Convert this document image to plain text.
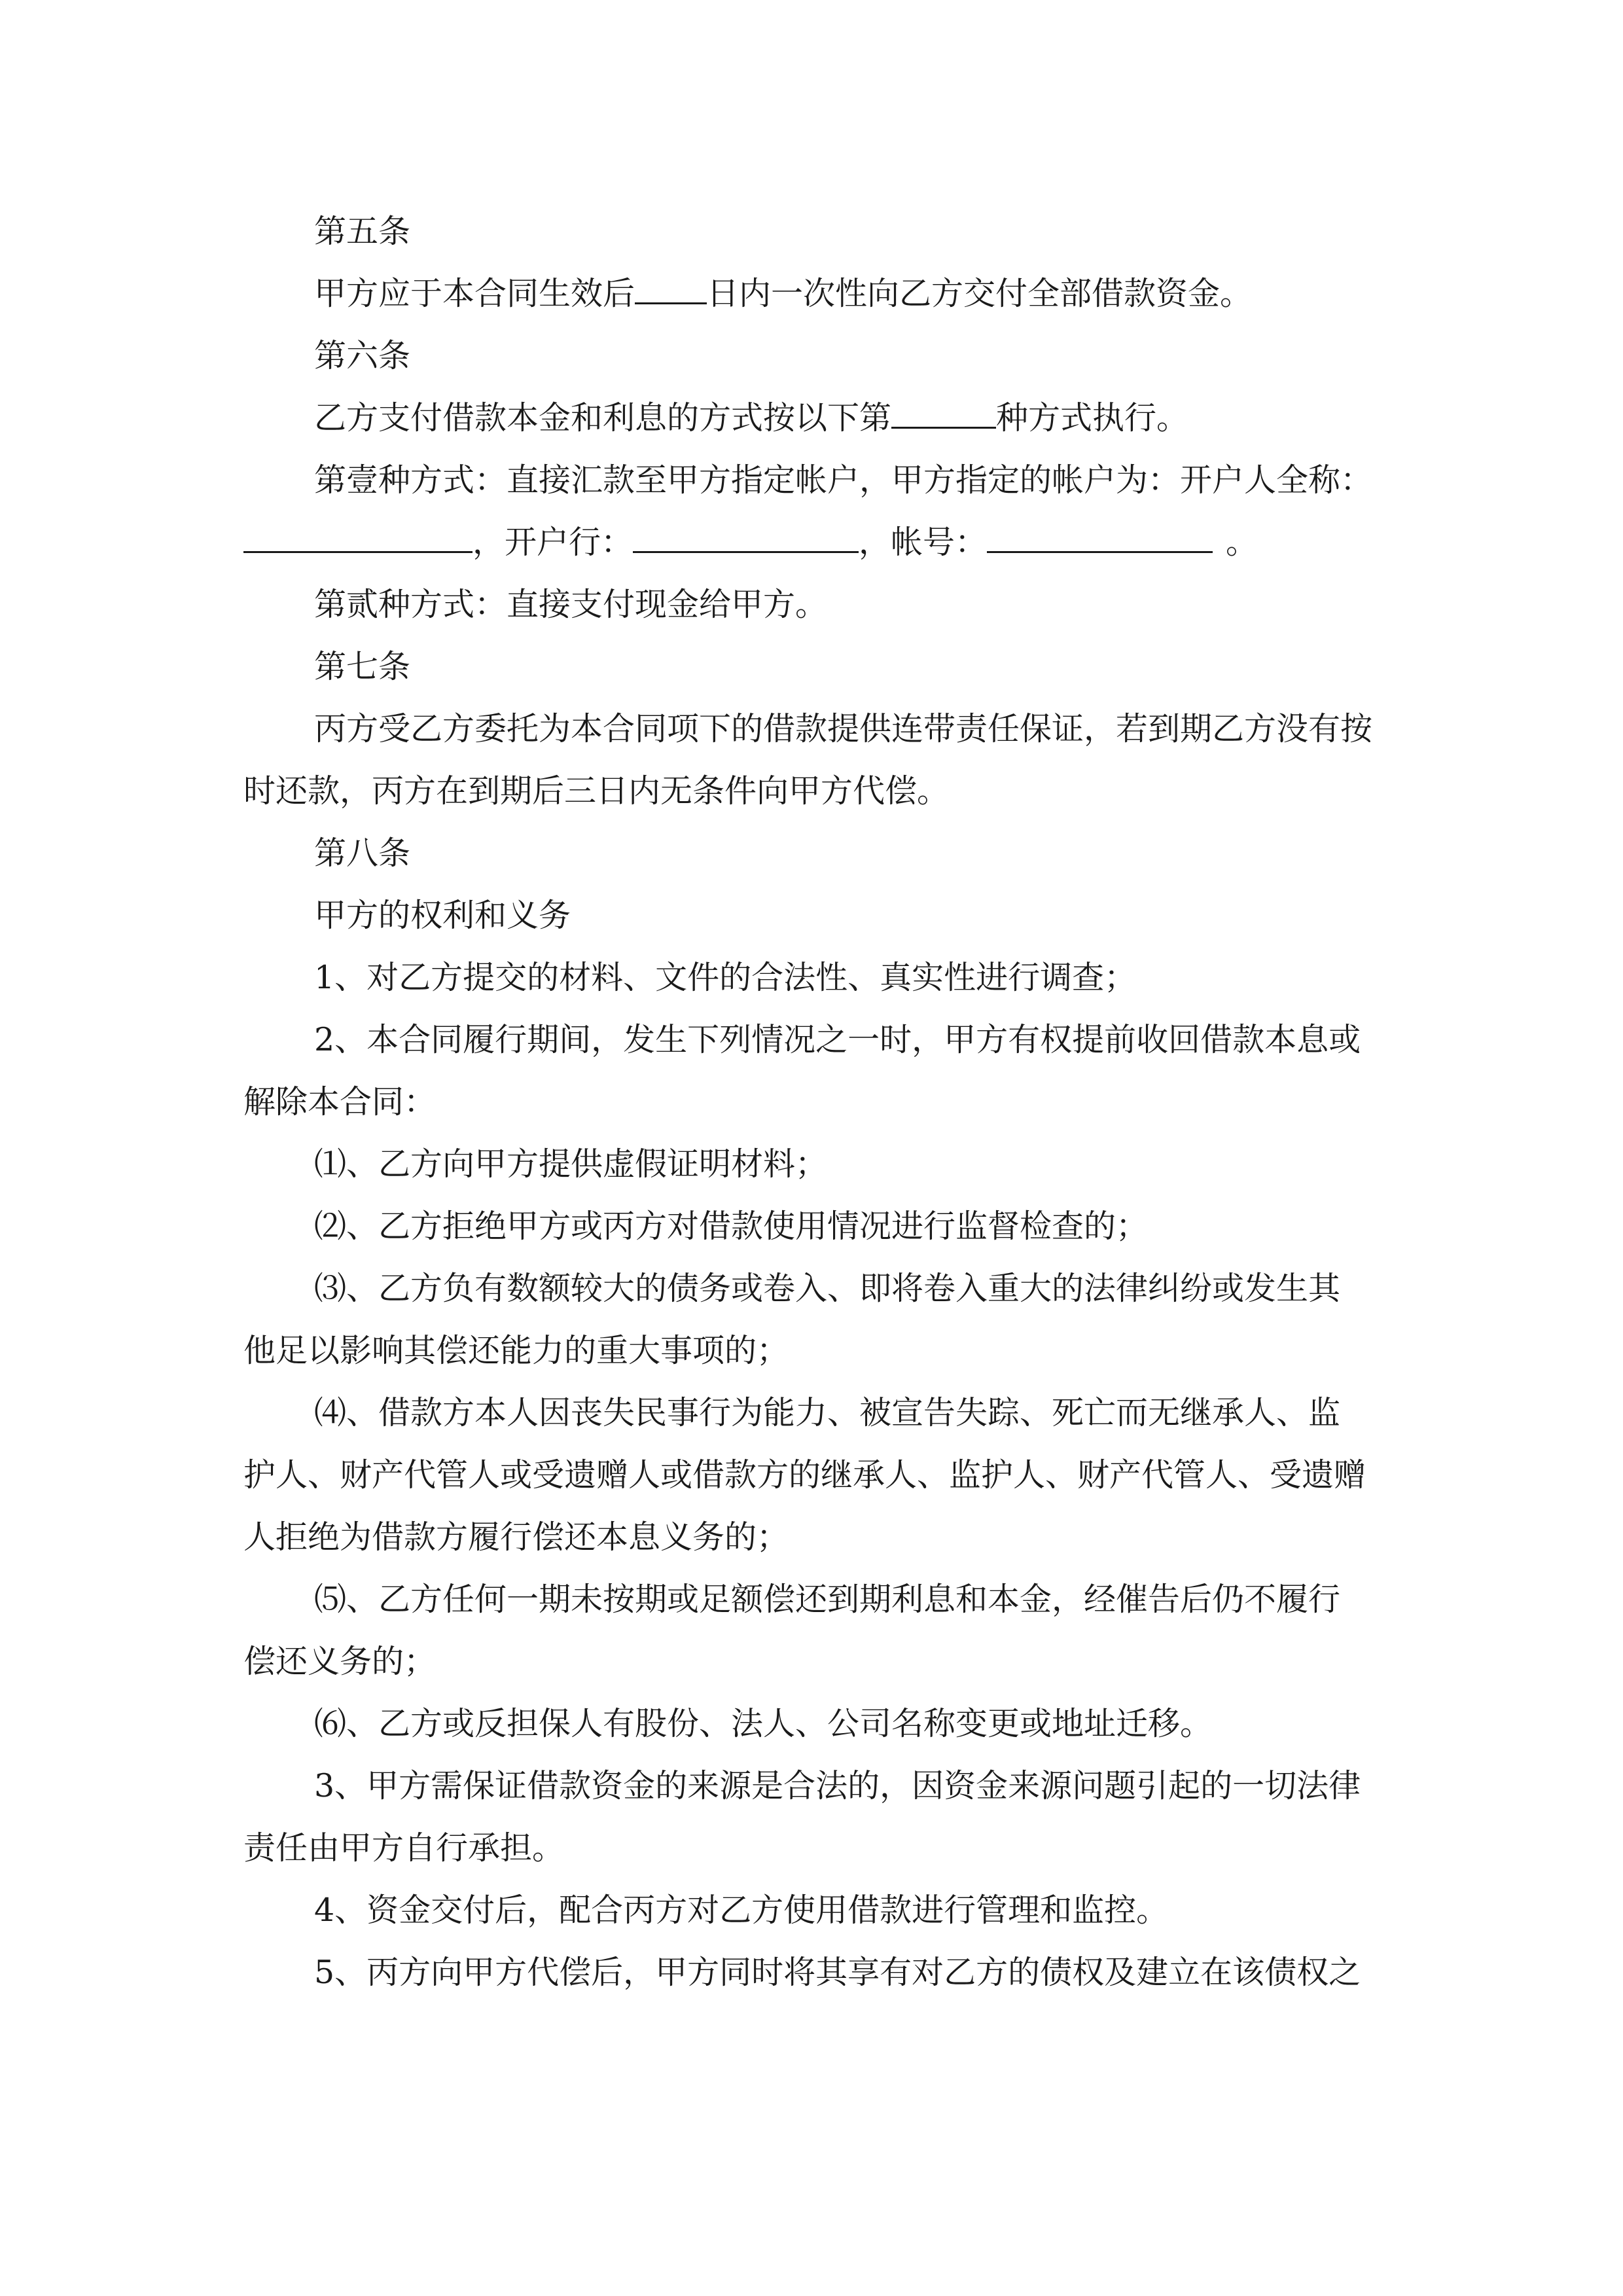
第五条

甲方应于本合同生效后 日内一次性向乙方交付全部借款资金。

第六条

乙方支付借款本金和利息的方式按以下第	种方式执行。

第壹种方式：直接汇款至甲方指定帐户，甲方指定的帐户为：开户人全称：

，开户行：	，帐号：	。

第贰种方式：直接支付现金给甲方。

第七条

丙方受乙方委托为本合同项下的借款提供连带责任保证，若到期乙方没有按

时还款，丙方在到期后三日内无条件向甲方代偿。

第八条

甲方的权利和义务

1、对乙方提交的材料、文件的合法性、真实性进行调查；

2、本合同履行期间，发生下列情况之一时，甲方有权提前收回借款本息或

解除本合同：

⑴、乙方向甲方提供虚假证明材料；

⑵、乙方拒绝甲方或丙方对借款使用情况进行监督检查的；

⑶、乙方负有数额较大的债务或卷入、即将卷入重大的法律纠纷或发生其

他足以影响其偿还能力的重大事项的；

⑷、借款方本人因丧失民事行为能力、被宣告失踪、死亡而无继承人、监

护人、财产代管人或受遗赠人或借款方的继承人、监护人、财产代管人、受遗赠

人拒绝为借款方履行偿还本息义务的；

⑸、乙方任何一期未按期或足额偿还到期利息和本金，经催告后仍不履行

偿还义务的；

⑹、乙方或反担保人有股份、法人、公司名称变更或地址迁移。

3、甲方需保证借款资金的来源是合法的，因资金来源问题引起的一切法律

责任由甲方自行承担。

4、资金交付后，配合丙方对乙方使用借款进行管理和监控。

5、丙方向甲方代偿后，甲方同时将其享有对乙方的债权及建立在该债权之
